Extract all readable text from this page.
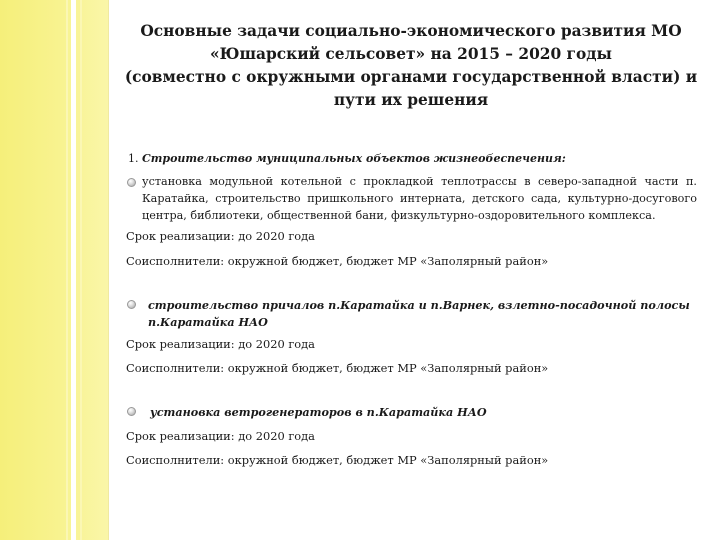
Основные задачи социально-экономического развития МО
«Юшарский сельсовет» на 2015 – 2020 годы
(совместно с окружными органами государственной власти) и
пути их решения
1. Строительство муниципальных объектов жизнеобеспечения:
установка модульной котельной с прокладкой теплотрассы в северо-западной части п.
Каратайка, строительство пришкольного интерната, детского сада, культурно-досугового
центра, библиотеки, общественной бани, физкультурно-оздоровительного комплекса.
Срок реализации: до 2020 года
Соисполнители: окружной бюджет, бюджет МР «Заполярный район»
строительство причалов п.Каратайка и п.Варнек, взлетно-посадочной полосы
п.Каратайка НАО
Срок реализации: до 2020 года
Соисполнители: окружной бюджет, бюджет МР «Заполярный район»
установка ветрогенераторов в п.Каратайка НАО
Срок реализации: до 2020 года
Соисполнители: окружной бюджет, бюджет МР «Заполярный район»
